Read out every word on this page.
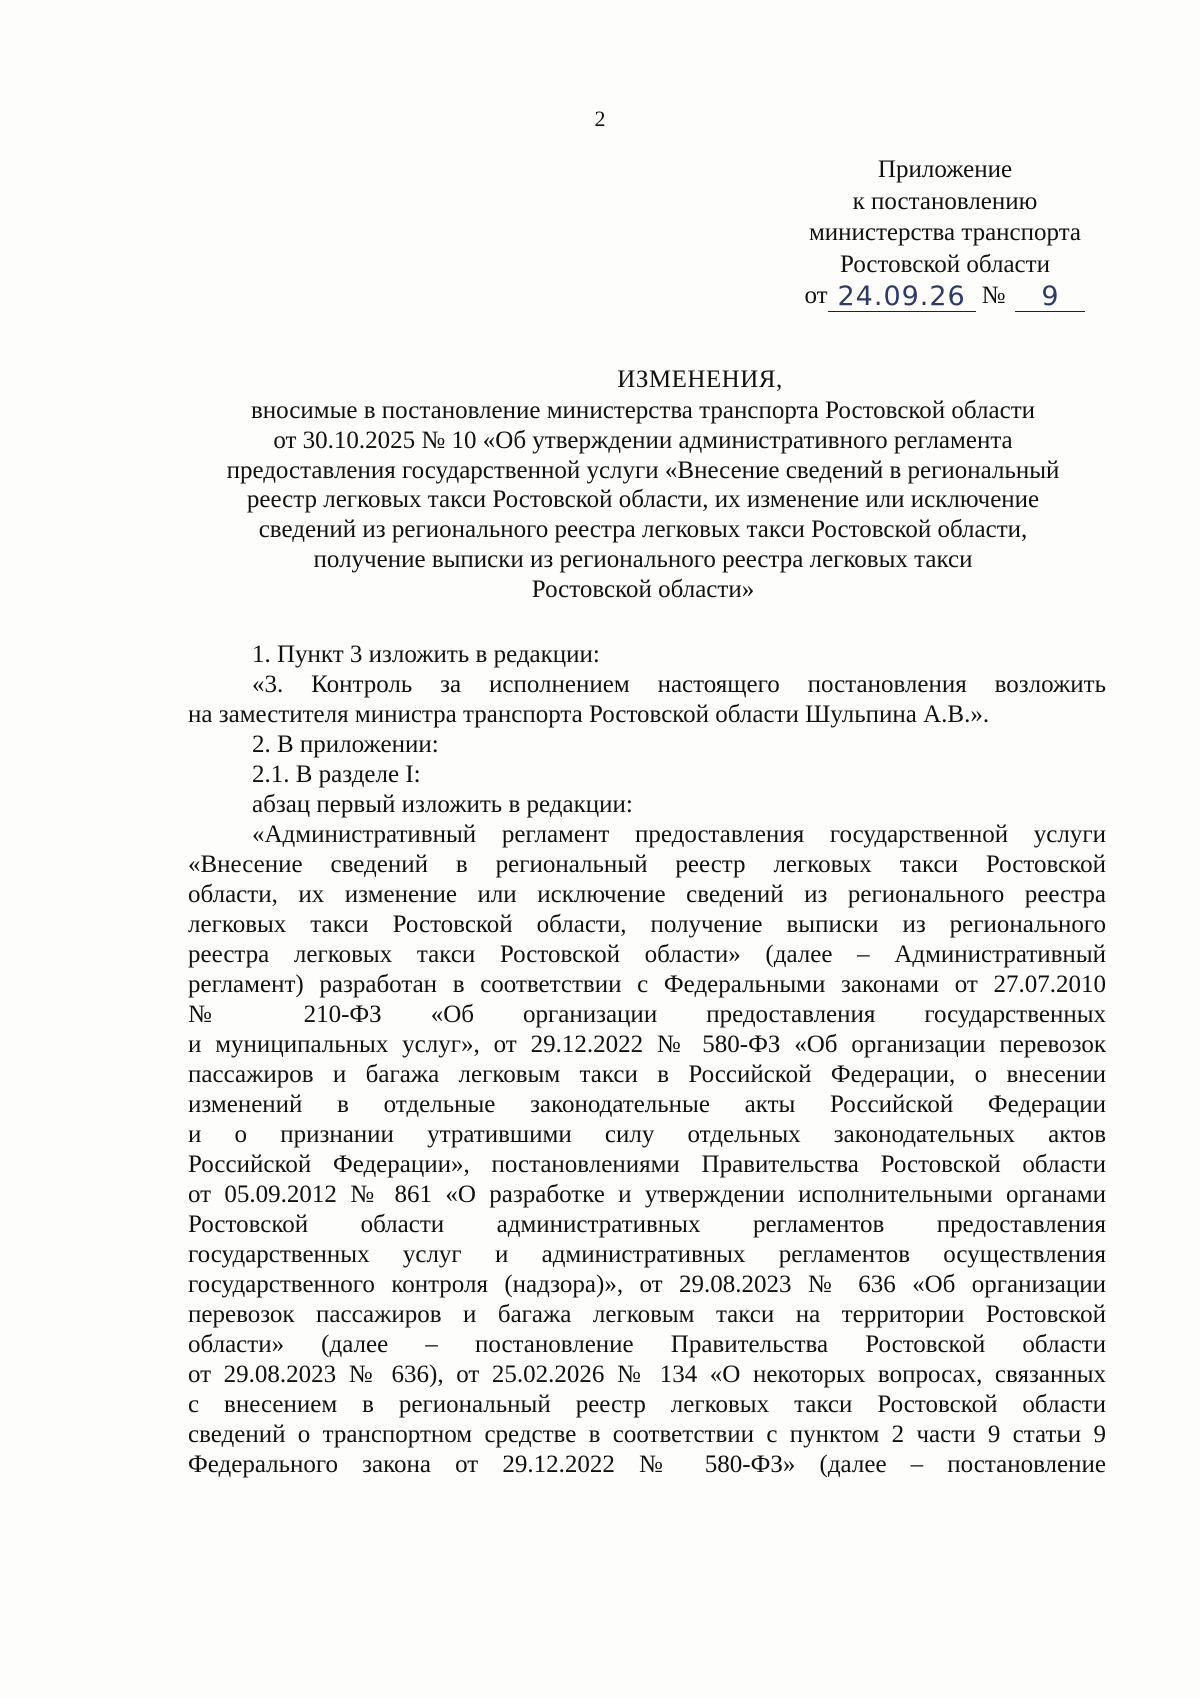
2
Приложение
к постановлению
министерства транспорта
Ростовской области
от 24.09.26 №	9
ИЗМЕНЕНИЯ,
вносимые в постановление министерства транспорта Ростовской области
от 30.10.2025 № 10 «Об утверждении административного регламента
предоставления государственной услуги «Внесение сведений в региональный
реестр легковых такси Ростовской области, их изменение или исключение
сведений из регионального реестра легковых такси Ростовской области,
получение выписки из регионального реестра легковых такси
Ростовской области»
1. Пункт 3 изложить в редакции:
«3. Контроль за исполнением настоящего постановления возложить
на заместителя министра транспорта Ростовской области Шульпина А.В.».
2. В приложении:
2.1. В разделе I:
абзац первый изложить в редакции:
«Административный регламент предоставления государственной услуги
«Внесение сведений в региональный реестр легковых такси Ростовской
области, их изменение или исключение сведений из регионального реестра
легковых такси Ростовской области, получение выписки из регионального
реестра легковых такси Ростовской области» (далее – Административный
регламент) разработан в соответствии с Федеральными законами от 27.07.2010
№ 210-ФЗ «Об организации предоставления государственных
и муниципальных услуг», от 29.12.2022 № 580-ФЗ «Об организации перевозок
пассажиров и багажа легковым такси в Российской Федерации, о внесении
изменений в отдельные законодательные акты Российской Федерации
и о признании утратившими силу отдельных законодательных актов
Российской Федерации», постановлениями Правительства Ростовской области
от 05.09.2012 № 861 «О разработке и утверждении исполнительными органами
Ростовской области административных регламентов предоставления
государственных услуг и административных регламентов осуществления
государственного контроля (надзора)», от 29.08.2023 № 636 «Об организации
перевозок пассажиров и багажа легковым такси на территории Ростовской
области» (далее – постановление Правительства Ростовской области
от 29.08.2023 № 636), от 25.02.2026 № 134 «О некоторых вопросах, связанных
с внесением в региональный реестр легковых такси Ростовской области
сведений о транспортном средстве в соответствии с пунктом 2 части 9 статьи 9
Федерального закона от 29.12.2022 № 580-ФЗ» (далее – постановление
